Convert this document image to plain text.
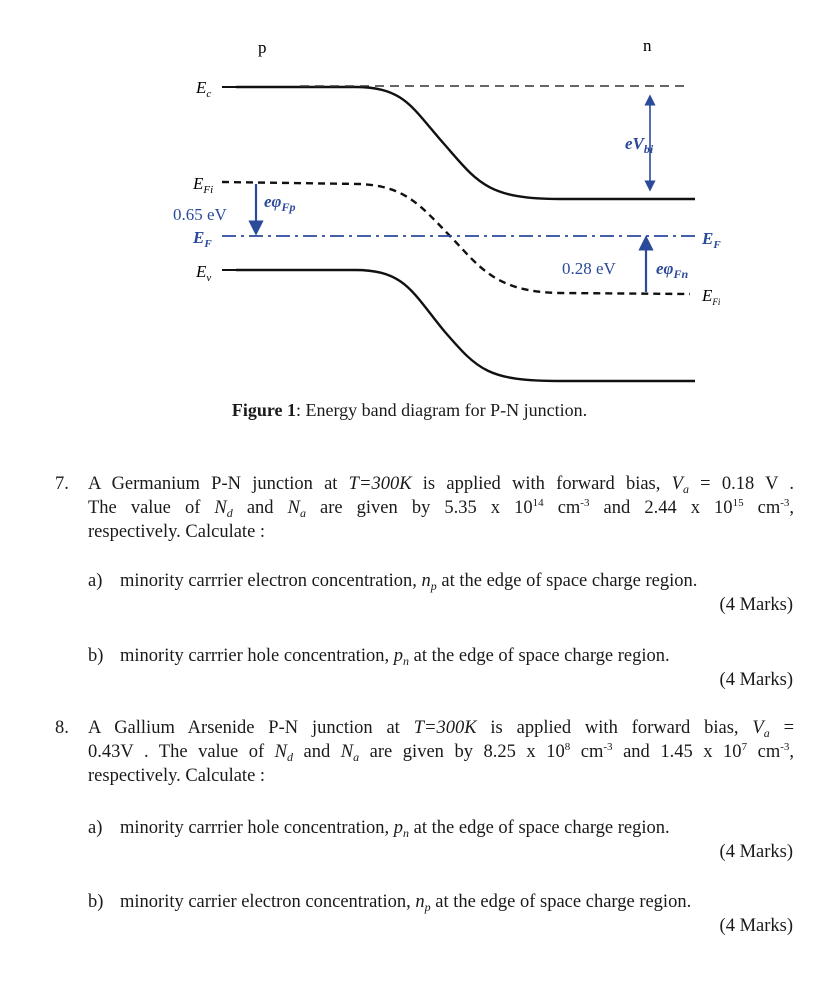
p	n
$eV_{bi}$
$e\varphi_{Fp}$
0.65 eV
$e\varphi_{Fn}$
0.28 eV
$E_c$
$E_{Fi}$
$E_F$
$E_v$
$E_F$
$E_{Fi}$
Figure 1: Energy band diagram for P-N junction.
7. A Germanium P-N junction at T=300K is applied with forward bias, $V_a = 0.18$ V .
The value of $N_d$ and $N_a$ are given by 5.35 x $10^{14}$ $cm^{-3}$ and 2.44 x $10^{15}$ $cm^{-3}$,
respectively. Calculate :
a) minority carrrier electron concentration, $n_p$ at the edge of space charge region.
(4 Marks)
b) minority carrrier hole concentration, $p_n$ at the edge of space charge region.
(4 Marks)
8. A Gallium Arsenide P-N junction at T=300K is applied with forward bias, $V_a$ =
0.43V . The value of $N_d$ and $N_a$ are given by 8.25 x $10^8$ $cm^{-3}$ and 1.45 x $10^7$ $cm^{-3}$,
respectively. Calculate :
a) minority carrrier hole concentration, $p_n$ at the edge of space charge region.
(4 Marks)
b) minority carrier electron concentration, $n_p$ at the edge of space charge region.
(4 Marks)
